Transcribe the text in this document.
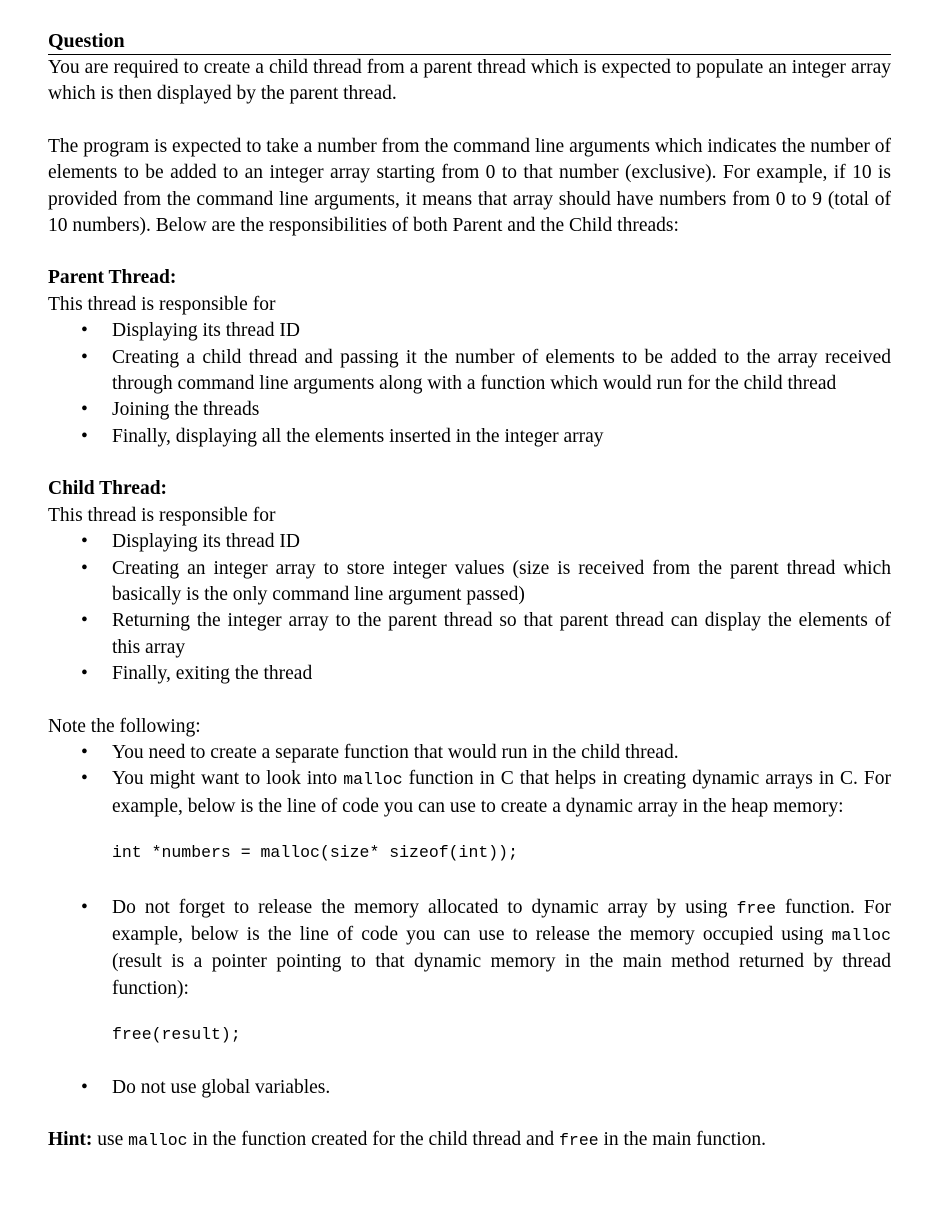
Question

You are required to create a child thread from a parent thread which is expected to populate an integer array which is then displayed by the parent thread.

The program is expected to take a number from the command line arguments which indicates the number of elements to be added to an integer array starting from 0 to that number (exclusive). For example, if 10 is provided from the command line arguments, it means that array should have numbers from 0 to 9 (total of 10 numbers). Below are the responsibilities of both Parent and the Child threads:

Parent Thread:

This thread is responsible for

• Displaying its thread ID
• Creating a child thread and passing it the number of elements to be added to the array received through command line arguments along with a function which would run for the child thread
• Joining the threads
• Finally, displaying all the elements inserted in the integer array
Child Thread:

This thread is responsible for

• Displaying its thread ID
• Creating an integer array to store integer values (size is received from the parent thread which basically is the only command line argument passed)
• Returning the integer array to the parent thread so that parent thread can display the elements of this array
• Finally, exiting the thread

Note the following:

• You need to create a separate function that would run in the child thread.
• You might want to look into malloc function in C that helps in creating dynamic arrays in C. For example, below is the line of code you can use to create a dynamic array in the heap memory:
int *numbers = malloc(size* sizeof(int));
• Do not forget to release the memory allocated to dynamic array by using free function. For example, below is the line of code you can use to release the memory occupied using malloc (result is a pointer pointing to that dynamic memory in the main method returned by thread function):
free(result);
• Do not use global variables.

Hint: use malloc in the function created for the child thread and free in the main function.
